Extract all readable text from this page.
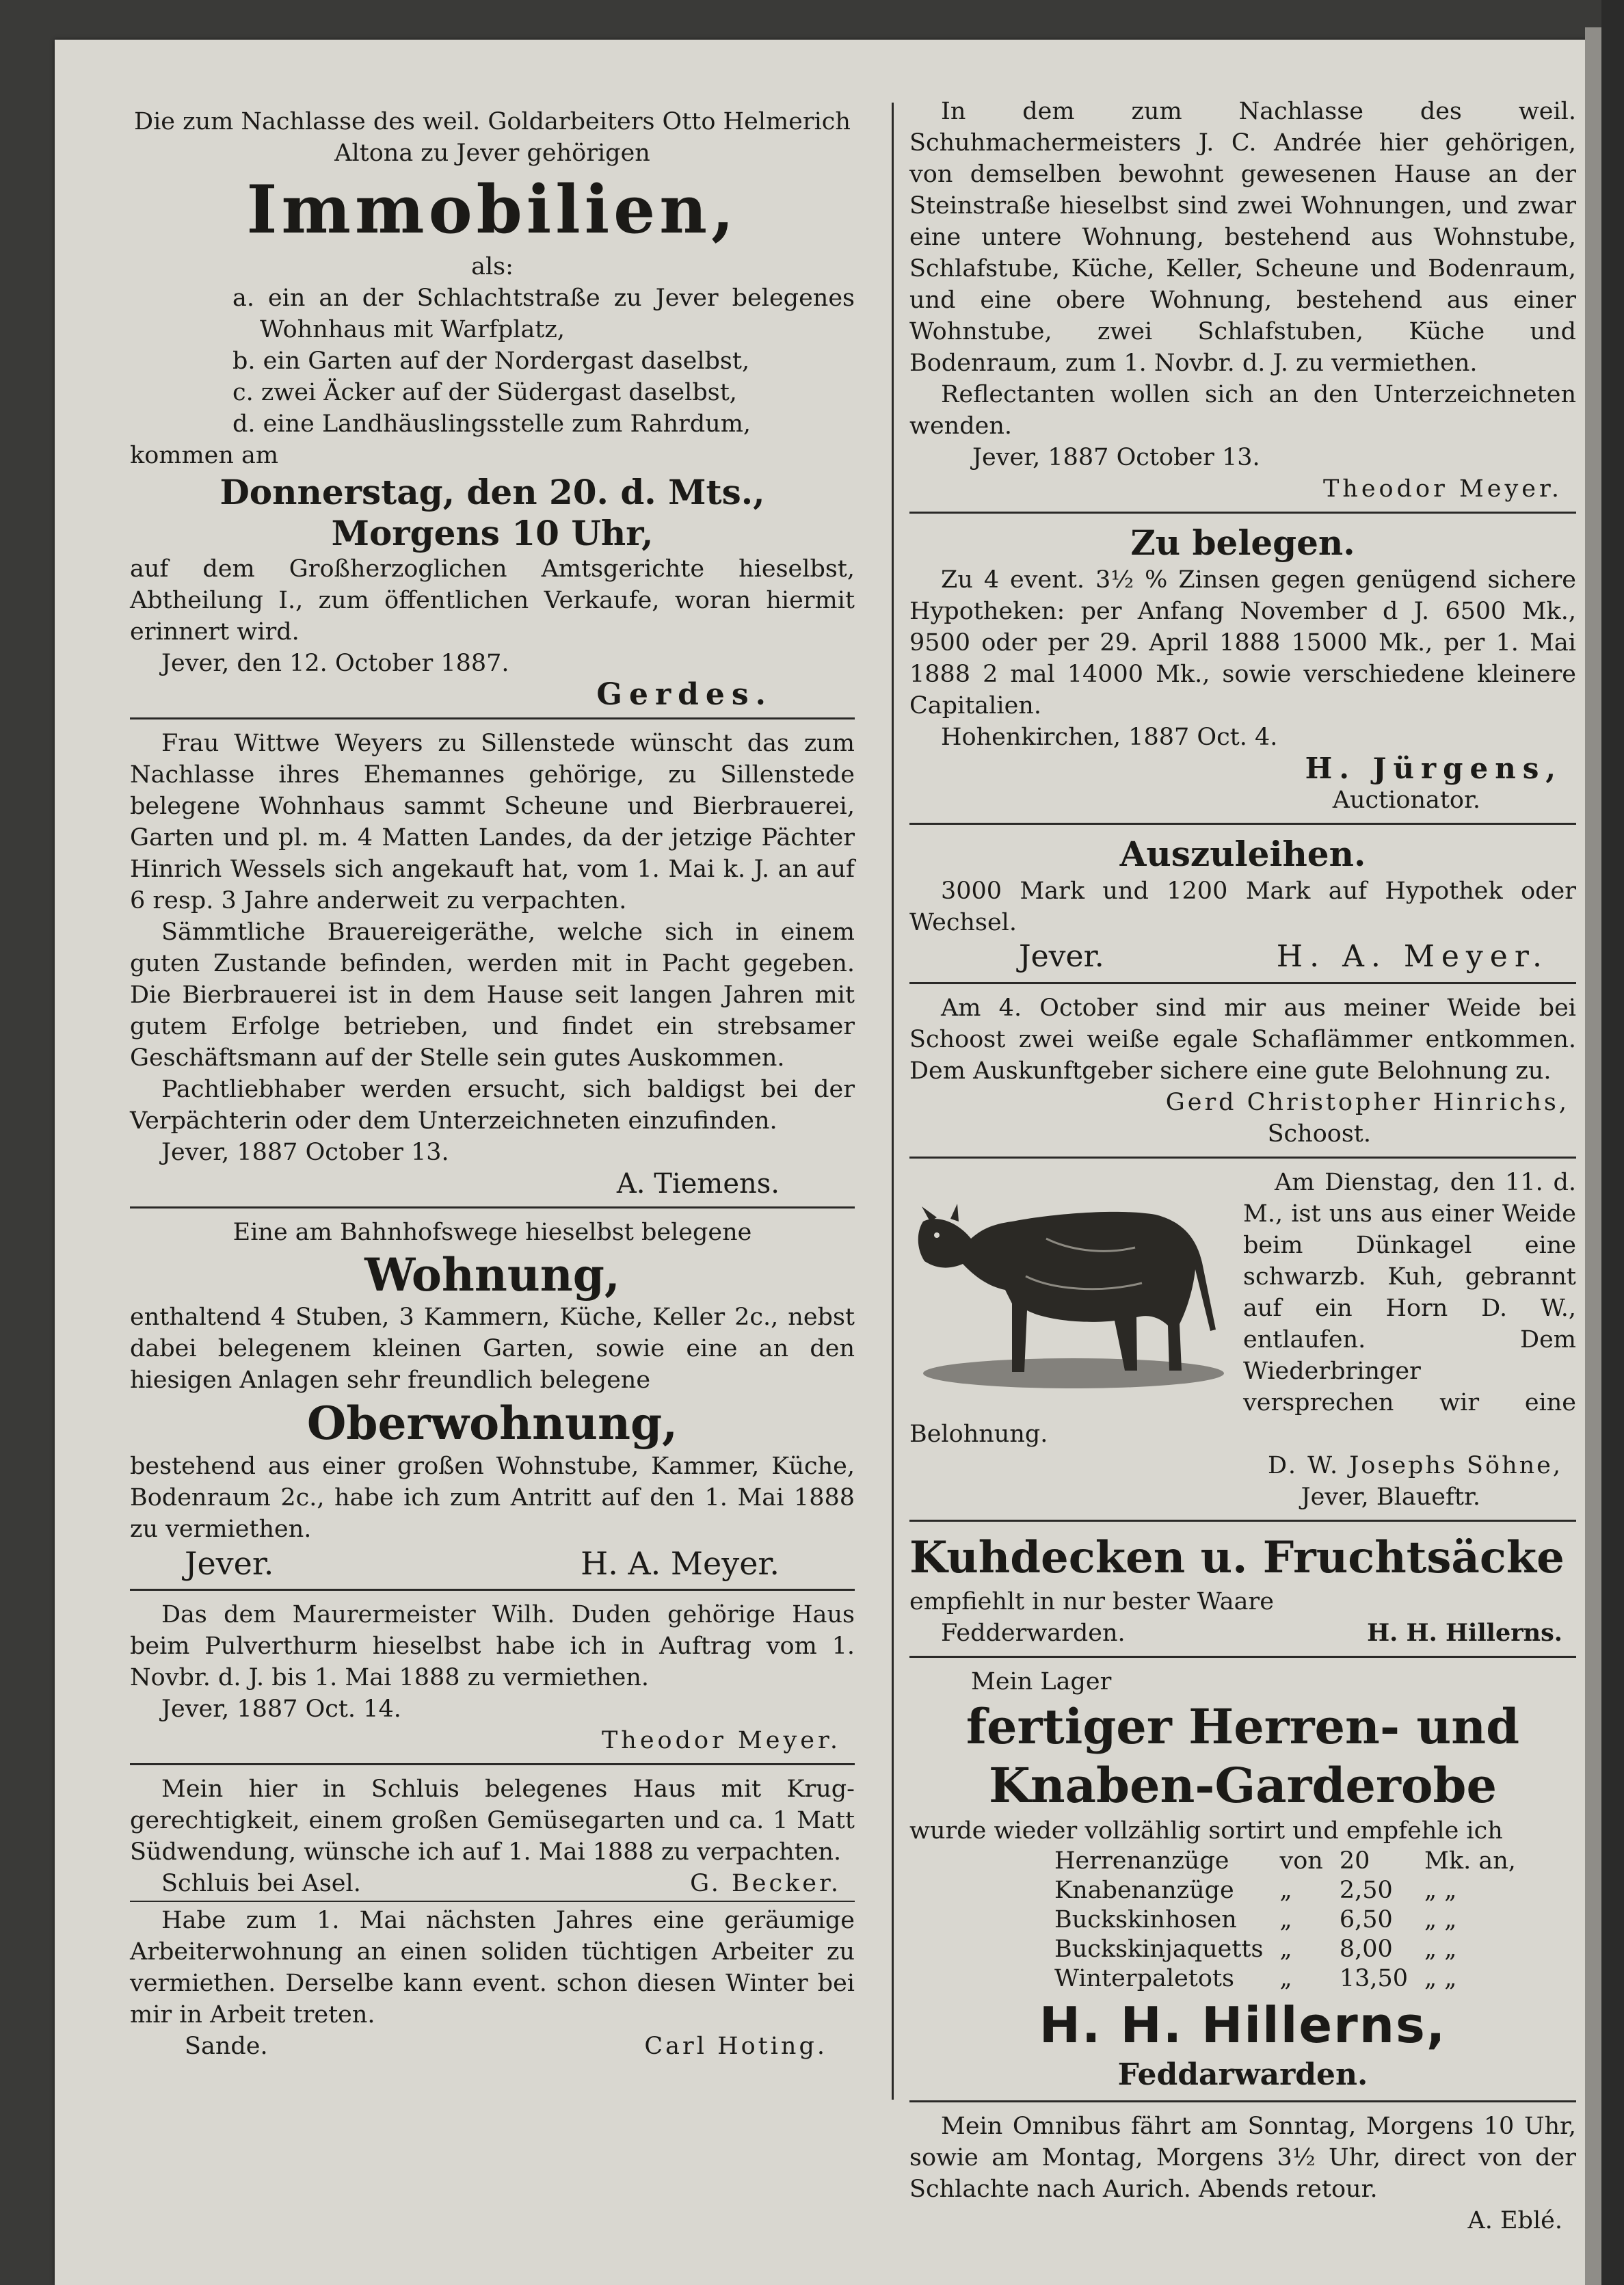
Die zum Nachlasse des weil. Goldarbeiters Otto Helmerich Altona zu Jever gehörigen

Immobilien,

als:

a. ein an der Schlachtstraße zu Jever belegenes Wohnhaus mit Warfplatz,

b. ein Garten auf der Nordergast daselbst,

c. zwei Äcker auf der Südergast daselbst,

d. eine Landhäuslingsstelle zum Rahrdum,

kommen am

Donnerstag, den 20. d. Mts.,
Morgens 10 Uhr,

auf dem Großherzoglichen Amtsgerichte hieselbst, Abtheilung I., zum öffentlichen Verkaufe, woran hiermit erinnert wird.

Jever, den 12. October 1887.

Gerdes.

Frau Wittwe Weyers zu Sillenstede wünscht das zum Nachlasse ihres Ehemannes gehörige, zu Sillenstede belegene Wohnhaus sammt Scheune und Bierbrauerei, Garten und pl. m. 4 Matten Landes, da der jetzige Pächter Hinrich Wessels sich angekauft hat, vom 1. Mai k. J. an auf 6 resp. 3 Jahre anderweit zu verpachten.

Sämmtliche Brauereigeräthe, welche sich in einem guten Zustande befinden, werden mit in Pacht gegeben. Die Bierbrauerei ist in dem Hause seit langen Jahren mit gutem Erfolge betrieben, und findet ein strebsamer Geschäftsmann auf der Stelle sein gutes Auskommen.

Pachtliebhaber werden ersucht, sich baldigst bei der Verpächterin oder dem Unterzeichneten einzufinden.

Jever, 1887 October 13.

A. Tiemens.

Eine am Bahnhofswege hieselbst belegene

Wohnung,

enthaltend 4 Stuben, 3 Kammern, Küche, Keller 2c., nebst dabei belegenem kleinen Garten, sowie eine an den hiesigen Anlagen sehr freundlich belegene

Oberwohnung,

bestehend aus einer großen Wohnstube, Kammer, Küche, Bodenraum 2c., habe ich zum Antritt auf den 1. Mai 1888 zu vermiethen.

Jever.	H. A. Meyer.

Das dem Maurermeister Wilh. Duden gehörige Haus beim Pulverthurm hieselbst habe ich in Auftrag vom 1. Novbr. d. J. bis 1. Mai 1888 zu vermiethen.

Jever, 1887 Oct. 14.

Theodor Meyer.

Mein hier in Schluis belegenes Haus mit Krug-gerechtigkeit, einem großen Gemüsegarten und ca. 1 Matt Südwendung, wünsche ich auf 1. Mai 1888 zu verpachten.

Schluis bei Asel.	G. Becker.

Habe zum 1. Mai nächsten Jahres eine geräumige Arbeiterwohnung an einen soliden tüchtigen Arbeiter zu vermiethen. Derselbe kann event. schon diesen Winter bei mir in Arbeit treten.

Sande.	Carl Hoting.

In dem zum Nachlasse des weil. Schuhmachermeisters J. C. Andrée hier gehörigen, von demselben bewohnt gewesenen Hause an der Steinstraße hieselbst sind zwei Wohnungen, und zwar eine untere Wohnung, bestehend aus Wohnstube, Schlafstube, Küche, Keller, Scheune und Bodenraum, und eine obere Wohnung, bestehend aus einer Wohnstube, zwei Schlafstuben, Küche und Bodenraum, zum 1. Novbr. d. J. zu vermiethen.

Reflectanten wollen sich an den Unterzeichneten wenden.

Jever, 1887 October 13.

Theodor Meyer.

Zu belegen.

Zu 4 event. 3½ % Zinsen gegen genügend sichere Hypotheken: per Anfang November d J. 6500 Mk., 9500 oder per 29. April 1888 15000 Mk., per 1. Mai 1888 2 mal 14000 Mk., sowie verschiedene kleinere Capitalien.

Hohenkirchen, 1887 Oct. 4.

H. Jürgens,

Auctionator.

Auszuleihen.

3000 Mark und 1200 Mark auf Hypothek oder Wechsel.

Jever.	H. A. Meyer.

Am 4. October sind mir aus meiner Weide bei Schoost zwei weiße egale Schaflämmer entkommen. Dem Auskunftgeber sichere eine gute Belohnung zu.

Gerd Christopher Hinrichs,

Schoost.

Am Dienstag, den 11. d. M., ist uns aus einer Weide beim Dünkagel eine schwarzb. Kuh, gebrannt auf ein Horn D. W., entlaufen. Dem Wiederbringer versprechen wir eine Belohnung.

D. W. Josephs Söhne,

Jever, Blaueftr.

Kuhdecken u. Fruchtsäcke

empfiehlt in nur bester Waare

Fedderwarden.	H. H. Hillerns.

Mein Lager

fertiger Herren- und
Knaben-Garderobe

wurde wieder vollzählig sortirt und empfehle ich

Herrenanzüge	von	20	Mk. an,
Knabenanzüge	„	2,50	„ „
Buckskinhosen	„	6,50	„ „
Buckskinjaquetts	„	8,00	„ „
Winterpaletots	„	13,50	„ „
H. H. Hillerns,
Feddarwarden.

Mein Omnibus fährt am Sonntag, Morgens 10 Uhr, sowie am Montag, Morgens 3½ Uhr, direct von der Schlachte nach Aurich. Abends retour.

A. Eblé.
